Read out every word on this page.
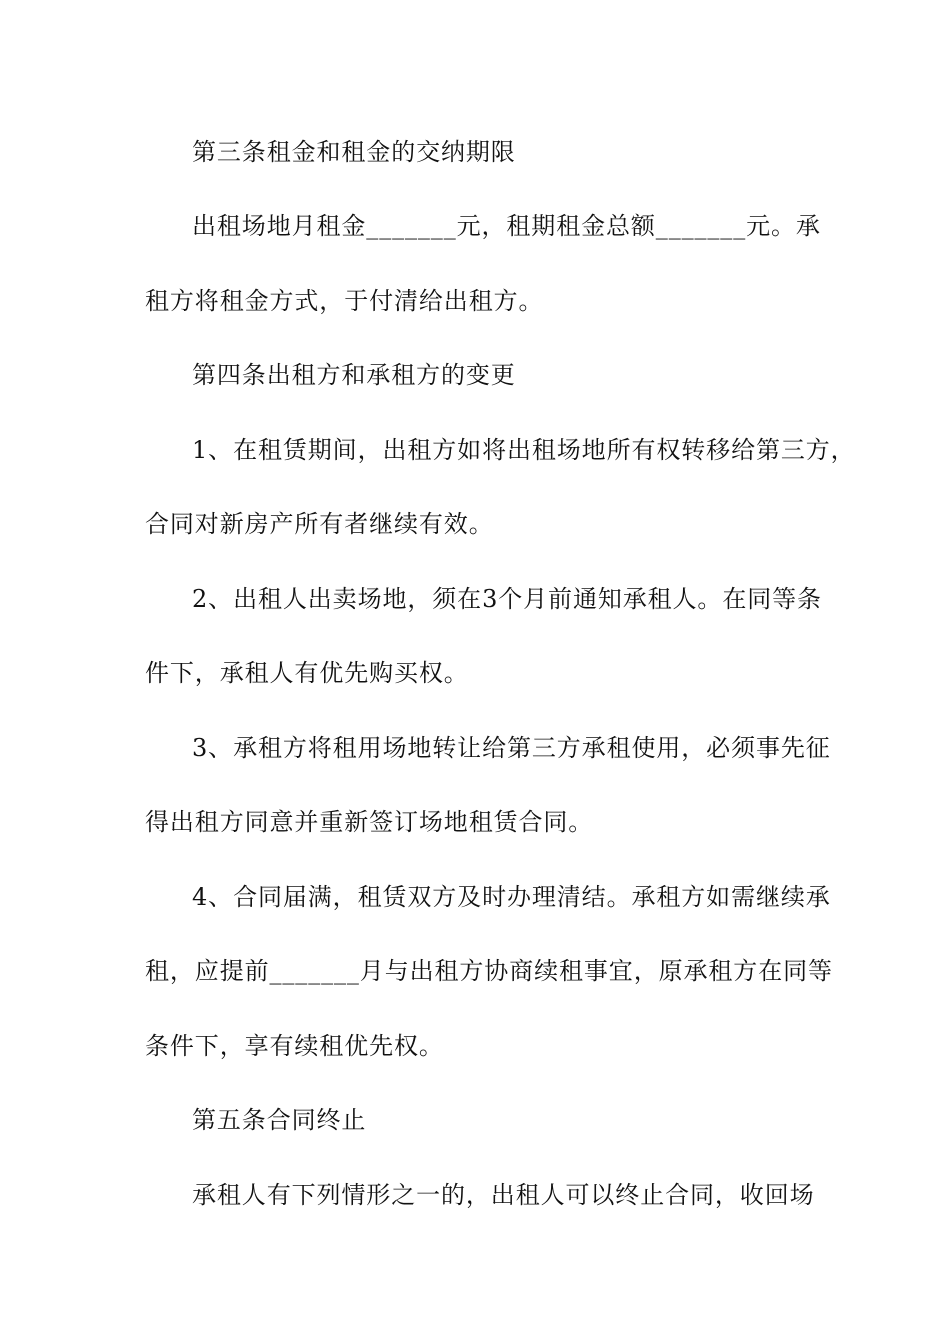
第三条租金和租金的交纳期限
出租场地月租金_______元，租期租金总额_______元。承
租方将租金方式，于付清给出租方。
第四条出租方和承租方的变更
1、在租赁期间，出租方如将出租场地所有权转移给第三方，
合同对新房产所有者继续有效。
2、出租人出卖场地，须在3个月前通知承租人。在同等条
件下，承租人有优先购买权。
3、承租方将租用场地转让给第三方承租使用，必须事先征
得出租方同意并重新签订场地租赁合同。
4、合同届满，租赁双方及时办理清结。承租方如需继续承
租，应提前_______月与出租方协商续租事宜，原承租方在同等
条件下，享有续租优先权。
第五条合同终止
承租人有下列情形之一的，出租人可以终止合同，收回场
